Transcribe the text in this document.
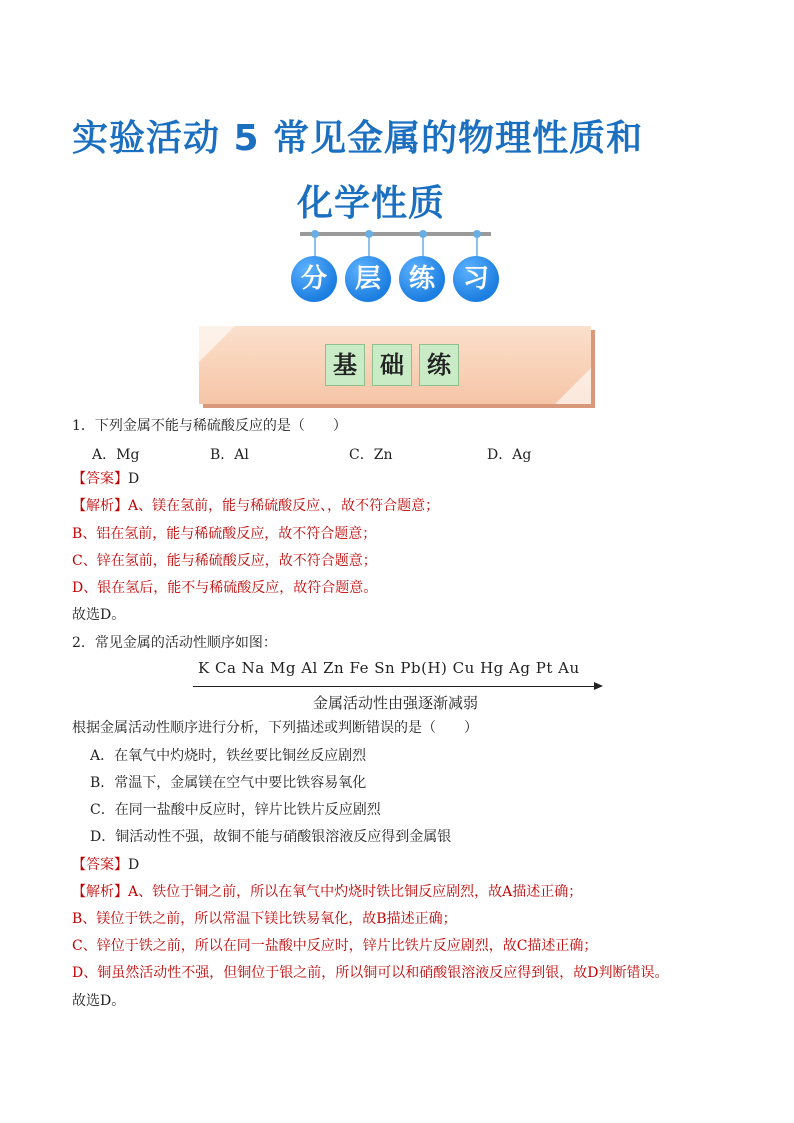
实验活动 5 常见金属的物理性质和
化学性质
分	层	练	习
基 础 练
1．下列金属不能与稀硫酸反应的是（　　）
A．Mg	B．Al	C．Zn	D．Ag
【答案】D
【解析】A、镁在氢前，能与稀硫酸反应、，故不符合题意；
B、铝在氢前，能与稀硫酸反应，故不符合题意；
C、锌在氢前，能与稀硫酸反应，故不符合题意；
D、银在氢后，能不与稀硫酸反应，故符合题意。
故选D。
2．常见金属的活动性顺序如图：
K Ca Na Mg Al Zn Fe Sn Pb(H) Cu Hg Ag Pt Au
金属活动性由强逐渐减弱
根据金属活动性顺序进行分析，下列描述或判断错误的是（　　）
A．在氧气中灼烧时，铁丝要比铜丝反应剧烈
B．常温下，金属镁在空气中要比铁容易氧化
C．在同一盐酸中反应时，锌片比铁片反应剧烈
D．铜活动性不强，故铜不能与硝酸银溶液反应得到金属银
【答案】D
【解析】A、铁位于铜之前，所以在氧气中灼烧时铁比铜反应剧烈，故A描述正确；
B、镁位于铁之前，所以常温下镁比铁易氧化，故B描述正确；
C、锌位于铁之前，所以在同一盐酸中反应时，锌片比铁片反应剧烈，故C描述正确；
D、铜虽然活动性不强，但铜位于银之前，所以铜可以和硝酸银溶液反应得到银，故D判断错误。
故选D。
